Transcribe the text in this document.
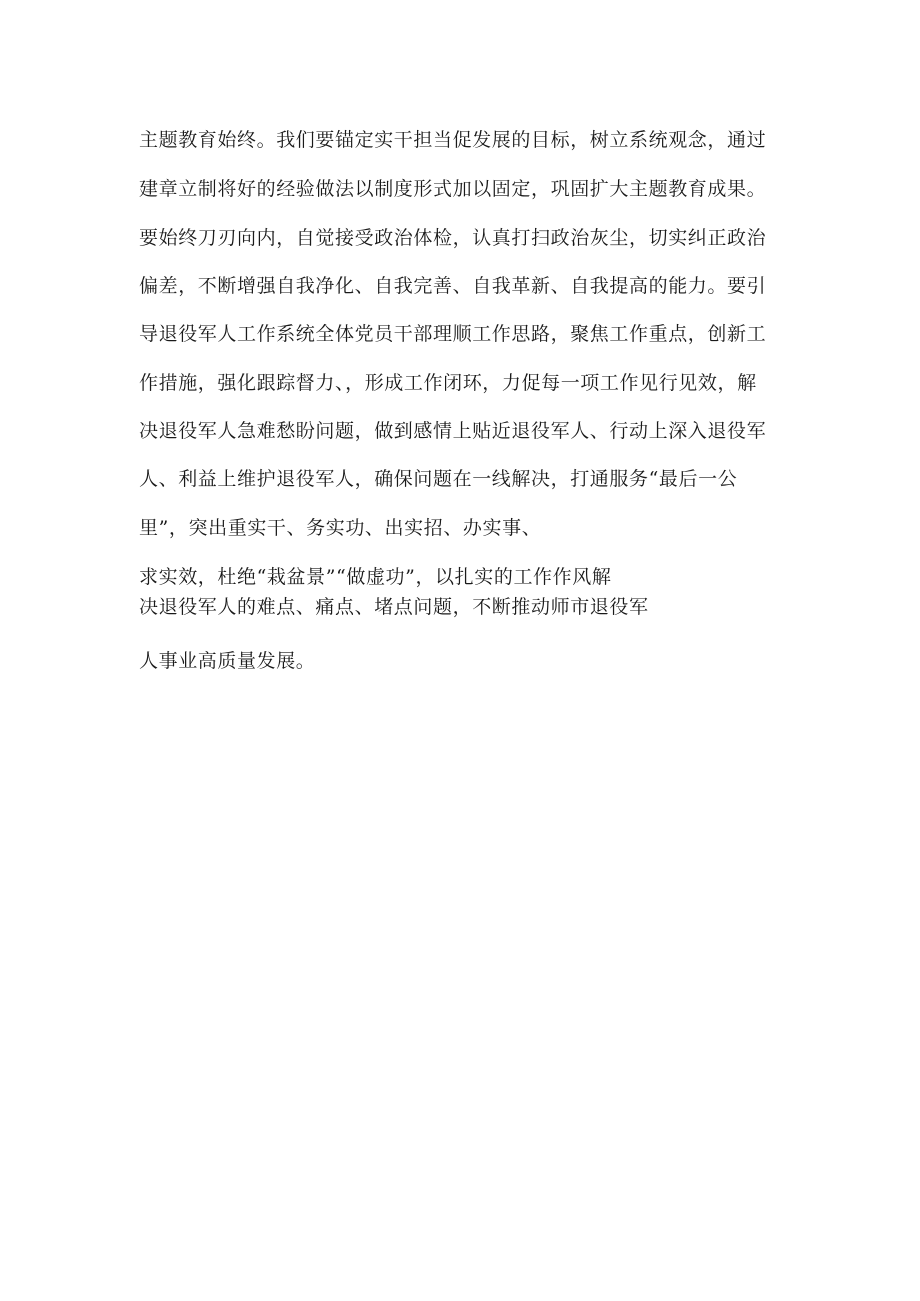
主题教育始终。我们要锚定实干担当促发展的目标，树立系统观念，通过
建章立制将好的经验做法以制度形式加以固定，巩固扩大主题教育成果。
要始终刀刃向内，自觉接受政治体检，认真打扫政治灰尘，切实纠正政治
偏差，不断增强自我净化、自我完善、自我革新、自我提高的能力。要引
导退役军人工作系统全体党员干部理顺工作思路，聚焦工作重点，创新工
作措施，强化跟踪督力、，形成工作闭环，力促每一项工作见行见效，解
决退役军人急难愁盼问题，做到感情上贴近退役军人、行动上深入退役军
人、利益上维护退役军人，确保问题在一线解决，打通服务“最后一公
里”，突出重实干、务实功、出实招、办实事、
求实效，杜绝“栽盆景”“做虚功”，以扎实的工作作风解
决退役军人的难点、痛点、堵点问题，不断推动师市退役军
人事业高质量发展。
